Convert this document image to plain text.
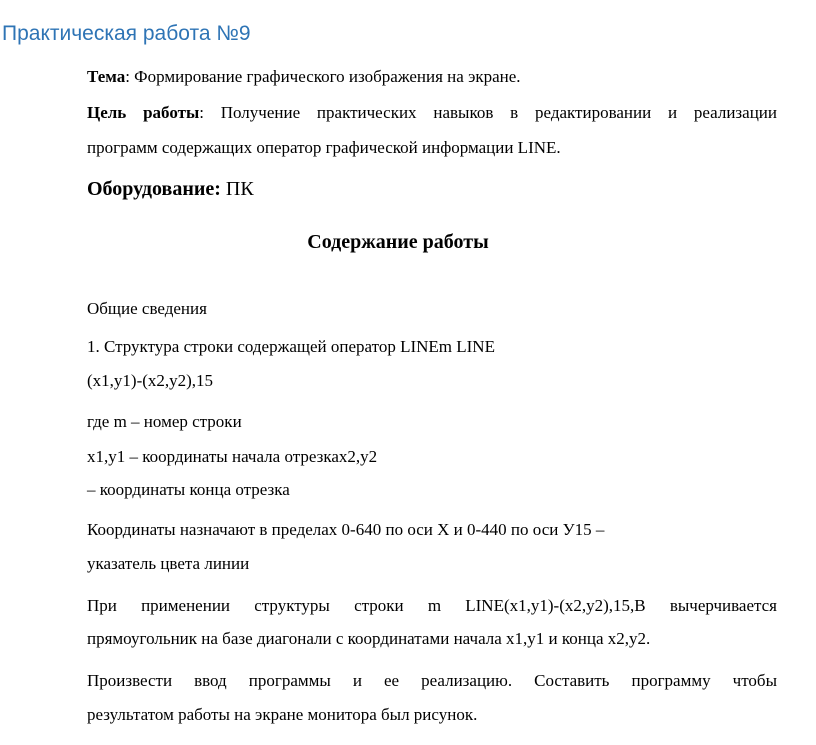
Практическая работа №9
Тема: Формирование графического изображения на экране.
Цель работы: Получение практических навыков в редактировании и реализации
программ содержащих оператор графической информации LINE.
Оборудование: ПК
Содержание работы
Общие сведения
1. Структура строки содержащей оператор LINEm LINE
(x1,y1)-(x2,y2),15
где m – номер строки
x1,y1 – координаты начала отрезках2,у2
– координаты конца отрезка
Координаты назначают в пределах 0-640 по оси Х и 0-440 по оси У15 –
указатель цвета линии
При применении структуры строки m LINE(x1,y1)-(x2,y2),15,B вычерчивается
прямоугольник на базе диагонали с координатами начала х1,у1 и конца х2,у2.
Произвести ввод программы и ее реализацию. Составить программу чтобы
результатом работы на экране монитора был рисунок.
